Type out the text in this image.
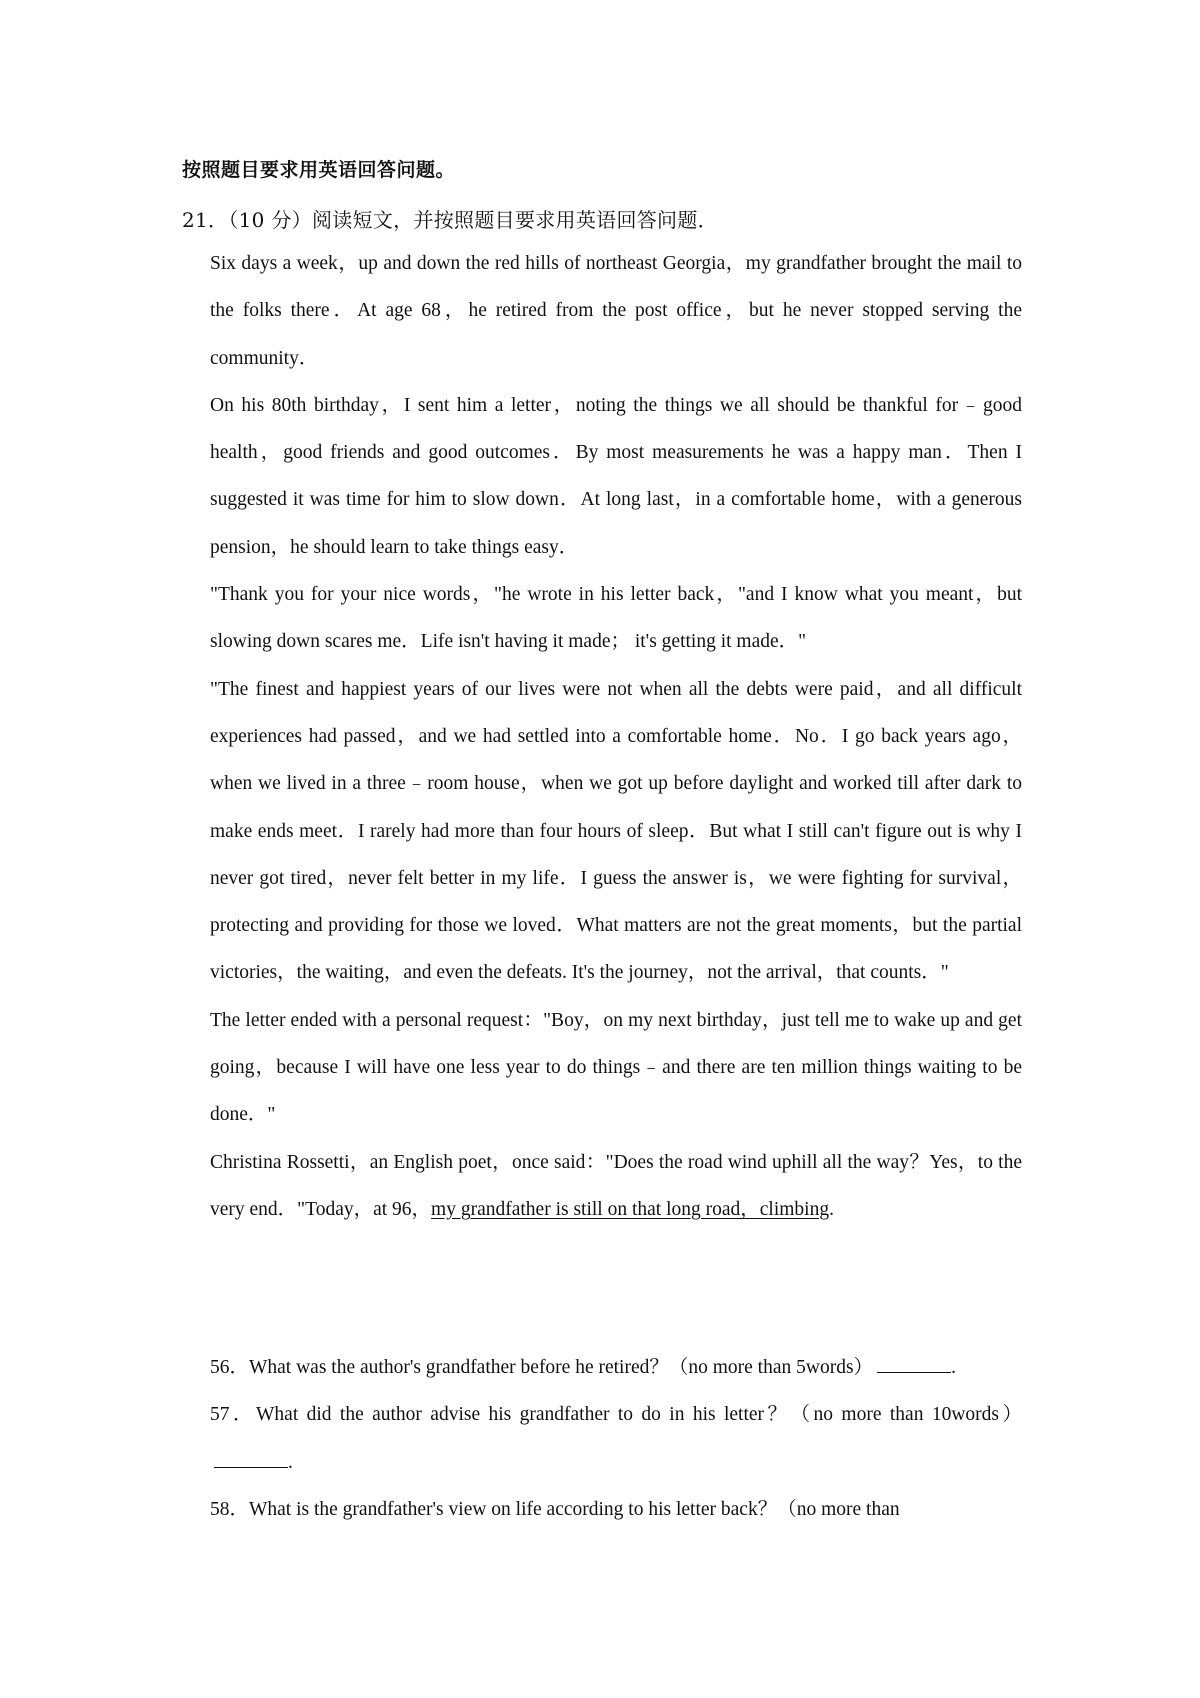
按照题目要求用英语回答问题。
21．（10 分）阅读短文，并按照题目要求用英语回答问题．

Six days a week，up and down the red hills of northeast Georgia，my grandfather brought the mail to the folks there．At age 68，he retired from the post office，but he never stopped serving the community．

On his 80th birthday，I sent him a letter，noting the things we all should be thankful for﹣good health，good friends and good outcomes．By most measurements he was a happy man．Then I suggested it was time for him to slow down．At long last，in a comfortable home，with a generous pension，he should learn to take things easy．

"Thank you for your nice words，"he wrote in his letter back，"and I know what you meant，but slowing down scares me．Life isn't having it made； it's getting it made．"

"The finest and happiest years of our lives were not when all the debts were paid，and all difficult experiences had passed，and we had settled into a comfortable home．No．I go back years ago，when we lived in a three﹣room house，when we got up before daylight and worked till after dark to make ends meet．I rarely had more than four hours of sleep．But what I still can't figure out is why I never got tired，never felt better in my life．I guess the answer is，we were fighting for survival，protecting and providing for those we loved．What matters are not the great moments，but the partial victories，the waiting，and even the defeats. It's the journey，not the arrival，that counts．"

The letter ended with a personal request："Boy，on my next birthday，just tell me to wake up and get going，because I will have one less year to do things﹣and there are ten million things waiting to be done．"

Christina Rossetti，an English poet，once said："Does the road wind uphill all the way？Yes，to the very end．"Today，at 96，my grandfather is still on that long road，climbing.

56．What was the author's grandfather before he retired？（no more than 5words）	.

57．What did the author advise his grandfather to do in his letter？（no more than 10words）.

58．What is the grandfather's view on life according to his letter back？（no more than
